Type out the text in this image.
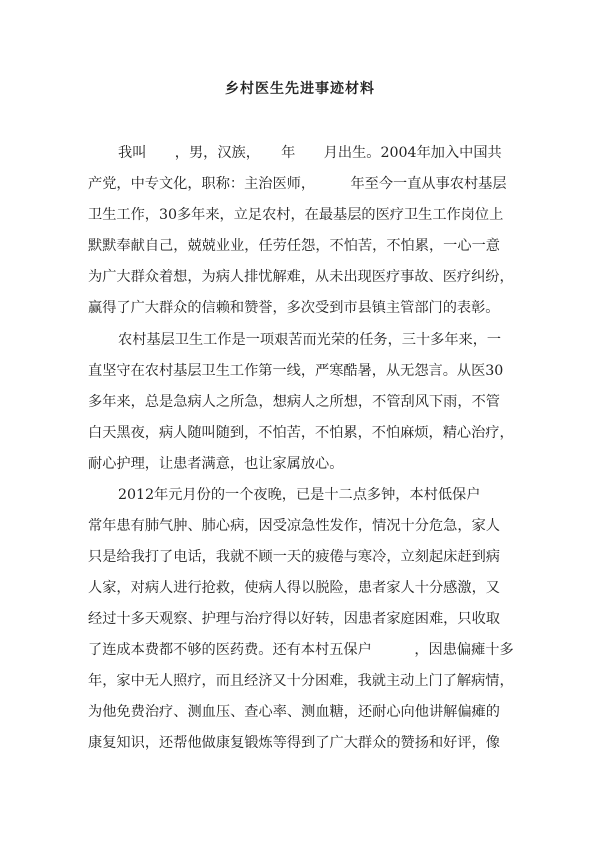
乡村医生先进事迹材料
我叫　　，男，汉族，　　年　　月出生。2004年加入中国共
产党，中专文化，职称：主治医师，　　　年至今一直从事农村基层
卫生工作，30多年来，立足农村，在最基层的医疗卫生工作岗位上
默默奉献自己，兢兢业业，任劳任怨，不怕苦，不怕累，一心一意
为广大群众着想，为病人排忧解难，从未出现医疗事故、医疗纠纷，
赢得了广大群众的信赖和赞誉，多次受到市县镇主管部门的表彰。
农村基层卫生工作是一项艰苦而光荣的任务，三十多年来，一
直坚守在农村基层卫生工作第一线，严寒酷暑，从无怨言。从医30
多年来，总是急病人之所急，想病人之所想，不管刮风下雨，不管
白天黑夜，病人随叫随到，不怕苦，不怕累，不怕麻烦，精心治疗，
耐心护理，让患者满意，也让家属放心。
2012年元月份的一个夜晚，已是十二点多钟，本村低保户
常年患有肺气肿、肺心病，因受凉急性发作，情况十分危急，家人
只是给我打了电话，我就不顾一天的疲倦与寒冷，立刻起床赶到病
人家，对病人进行抢救，使病人得以脱险，患者家人十分感激，又
经过十多天观察、护理与治疗得以好转，因患者家庭困难，只收取
了连成本费都不够的医药费。还有本村五保户　　　，因患偏瘫十多
年，家中无人照疗，而且经济又十分困难，我就主动上门了解病情，
为他免费治疗、测血压、查心率、测血糖，还耐心向他讲解偏瘫的
康复知识，还帮他做康复锻炼等得到了广大群众的赞扬和好评，像
